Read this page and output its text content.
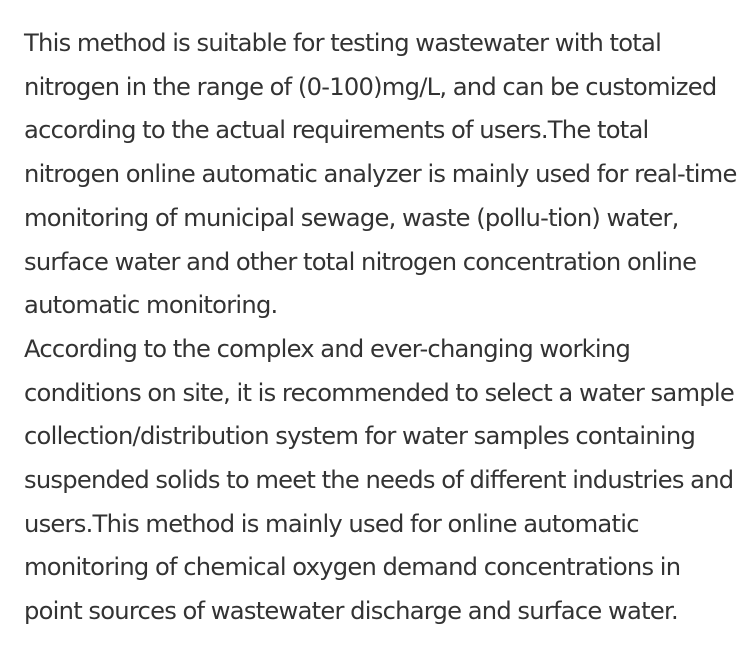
This method is suitable for testing wastewater with total
nitrogen in the range of (0-100)mg/L, and can be customized
according to the actual requirements of users.The total
nitrogen online automatic analyzer is mainly used for real-time
monitoring of municipal sewage, waste (pollu-tion) water,
surface water and other total nitrogen concentration online
automatic monitoring.

According to the complex and ever-changing working
conditions on site, it is recommended to select a water sample
collection/distribution system for water samples containing
suspended solids to meet the needs of different industries and
users.This method is mainly used for online automatic
monitoring of chemical oxygen demand concentrations in
point sources of wastewater discharge and surface water.
